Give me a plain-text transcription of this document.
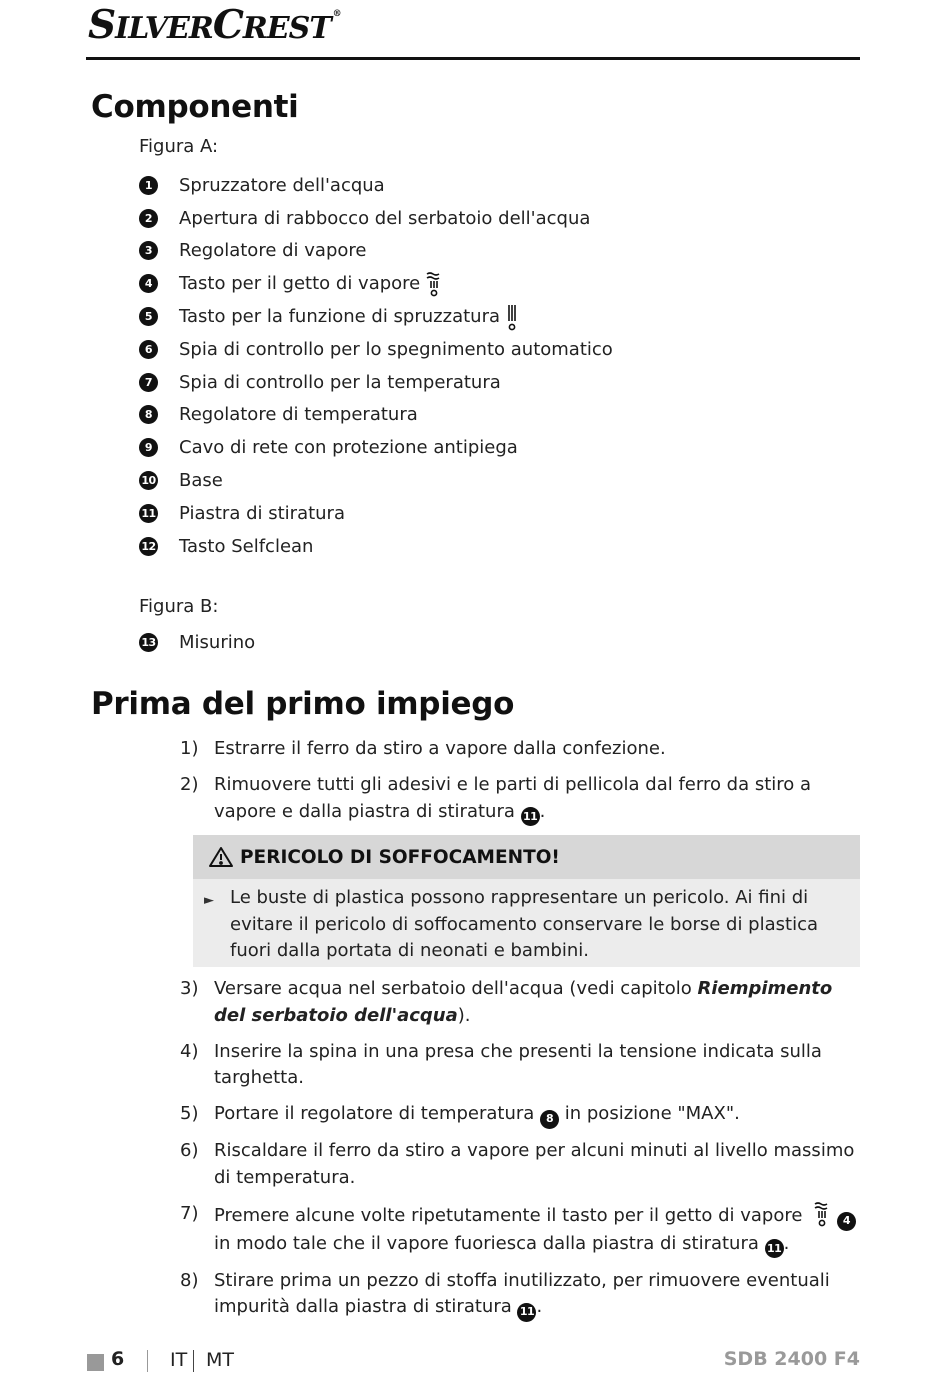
SILVERCREST ®
Componenti
Figura A:
1	Spruzzatore dell'acqua
2	Apertura di rabbocco del serbatoio dell'acqua
3	Regolatore di vapore
4	Tasto per il getto di vapore
5	Tasto per la funzione di spruzzatura
6	Spia di controllo per lo spegnimento automatico
7	Spia di controllo per la temperatura
8	Regolatore di temperatura
9	Cavo di rete con protezione antipiega
10 Base
11 Piastra di stiratura
12 Tasto Selfclean
Figura B:
13 Misurino
Prima del primo impiego
1) Estrarre il ferro da stiro a vapore dalla confezione.
2) Rimuovere tutti gli adesivi e le parti di pellicola dal ferro da stiro a vapore e dalla piastra di stiratura 11 .
PERICOLO DI SOFFOCAMENTO!
► Le buste di plastica possono rappresentare un pericolo. Ai fini di evitare il pericolo di soffocamento conservare le borse di plastica fuori dalla portata di neonati e bambini.
3) Versare acqua nel serbatoio dell'acqua (vedi capitolo Riempimento del serbatoio dell'acqua).
4) Inserire la spina in una presa che presenti la tensione indicata sulla targhetta.
5) Portare il regolatore di temperatura 8 in posizione "MAX".
6) Riscaldare il ferro da stiro a vapore per alcuni minuti al livello massimo di temperatura.
7) Premere alcune volte ripetutamente il tasto per il getto di vapore	4 in modo tale che il vapore fuoriesca dalla piastra di stiratura 11 .
8) Stirare prima un pezzo di stoffa inutilizzato, per rimuovere eventuali impurità dalla piastra di stiratura 11 .
6 IT MT	SDB 2400 F4
